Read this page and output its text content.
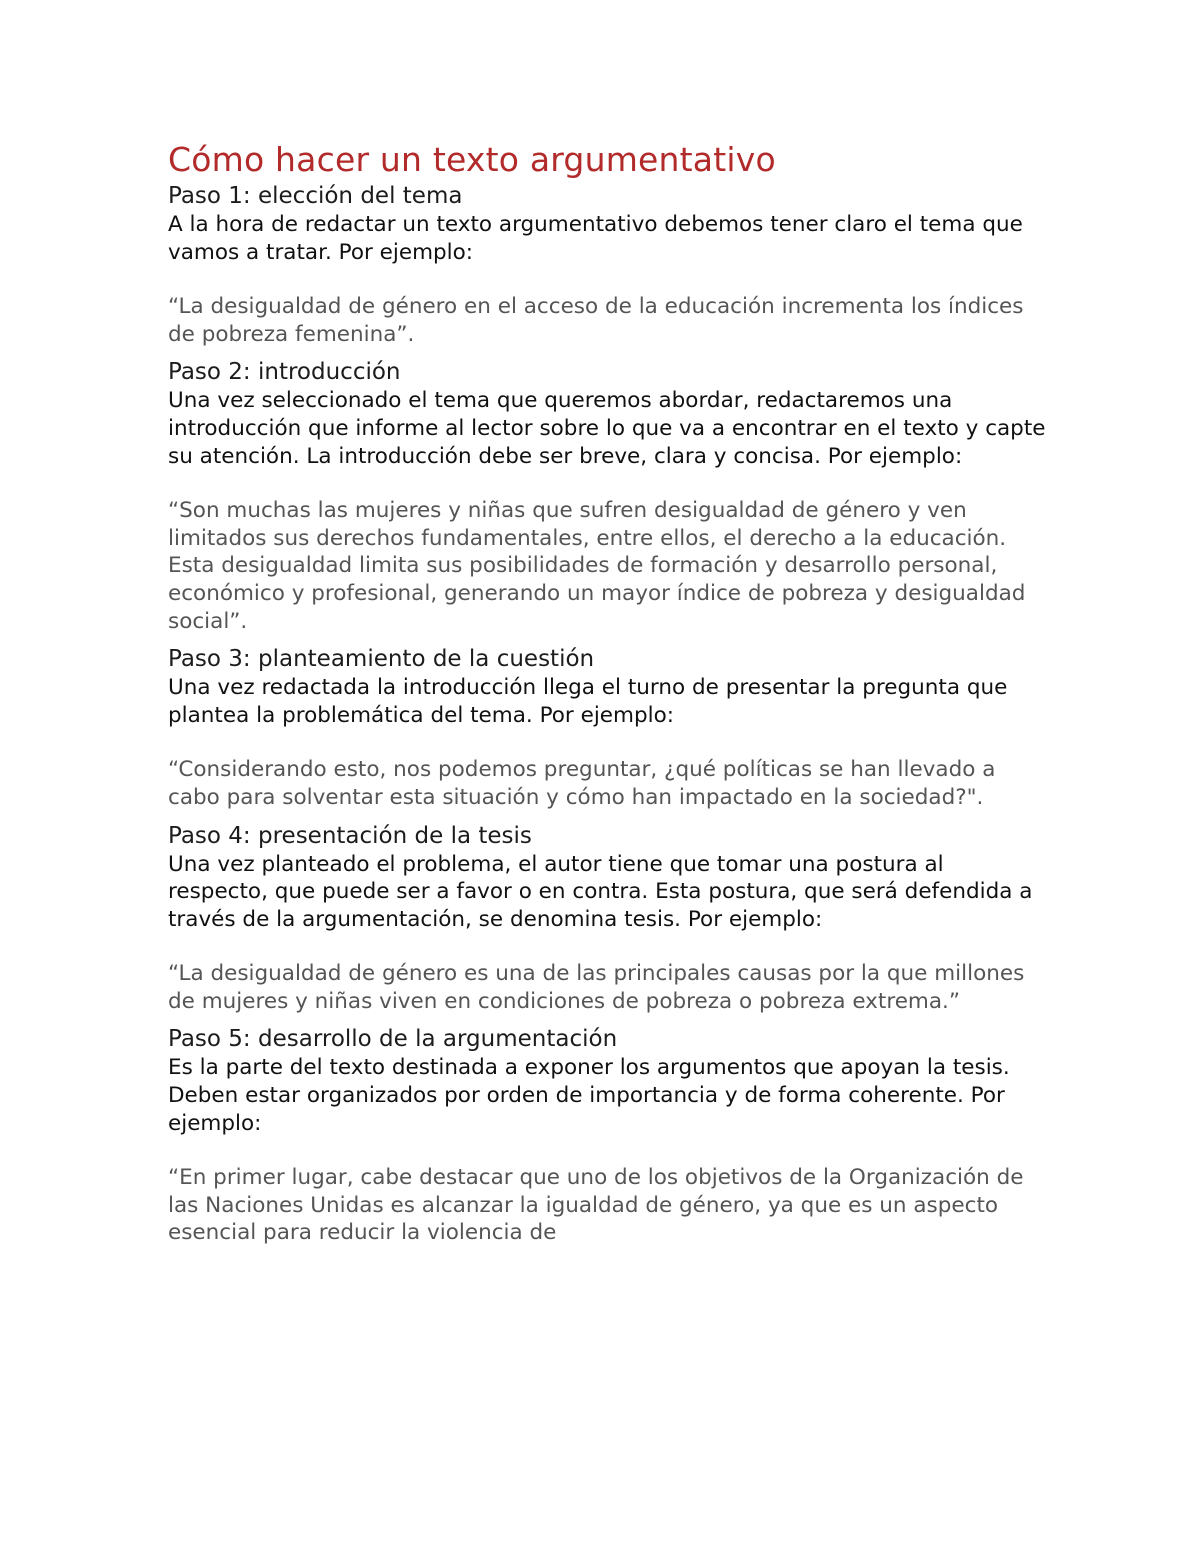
Cómo hacer un texto argumentativo
Paso 1: elección del tema

A la hora de redactar un texto argumentativo debemos tener claro el tema que vamos a tratar. Por ejemplo:

“La desigualdad de género en el acceso de la educación incrementa los índices de pobreza femenina”.

Paso 2: introducción

Una vez seleccionado el tema que queremos abordar, redactaremos una introducción que informe al lector sobre lo que va a encontrar en el texto y capte su atención. La introducción debe ser breve, clara y concisa. Por ejemplo:

“Son muchas las mujeres y niñas que sufren desigualdad de género y ven limitados sus derechos fundamentales, entre ellos, el derecho a la educación. Esta desigualdad limita sus posibilidades de formación y desarrollo personal, económico y profesional, generando un mayor índice de pobreza y desigualdad social”.

Paso 3: planteamiento de la cuestión

Una vez redactada la introducción llega el turno de presentar la pregunta que plantea la problemática del tema. Por ejemplo:

“Considerando esto, nos podemos preguntar, ¿qué políticas se han llevado a cabo para solventar esta situación y cómo han impactado en la sociedad?".

Paso 4: presentación de la tesis

Una vez planteado el problema, el autor tiene que tomar una postura al respecto, que puede ser a favor o en contra. Esta postura, que será defendida a través de la argumentación, se denomina tesis. Por ejemplo:

“La desigualdad de género es una de las principales causas por la que millones de mujeres y niñas viven en condiciones de pobreza o pobreza extrema.”

Paso 5: desarrollo de la argumentación

Es la parte del texto destinada a exponer los argumentos que apoyan la tesis. Deben estar organizados por orden de importancia y de forma coherente. Por ejemplo:

“En primer lugar, cabe destacar que uno de los objetivos de la Organización de las Naciones Unidas es alcanzar la igualdad de género, ya que es un aspecto esencial para reducir la violencia de
